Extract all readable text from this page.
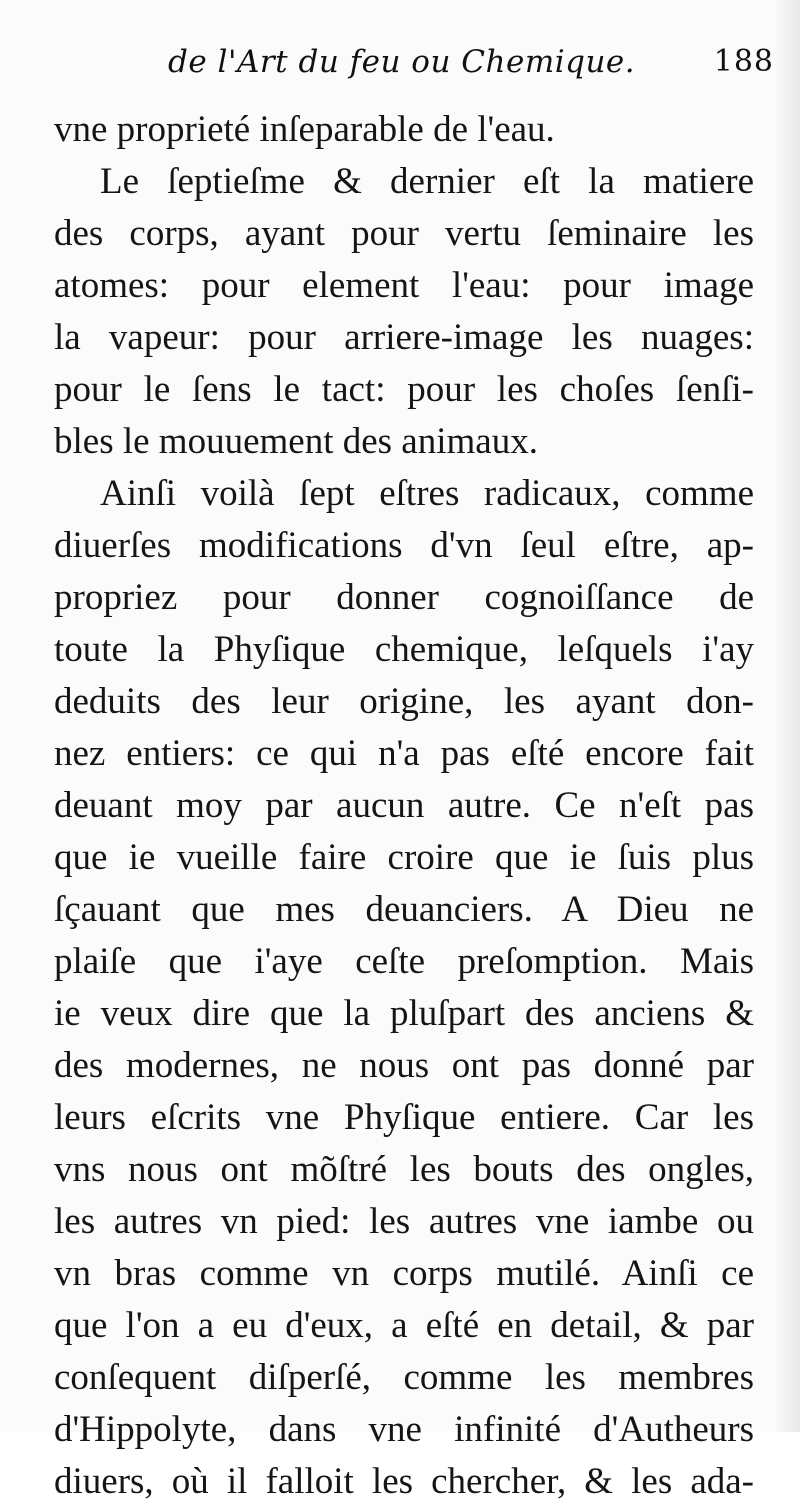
de l'Art du feu ou Chemique.	188
vne proprieté inſeparable de l'eau.
Le ſeptieſme & dernier eſt la matiere
des corps, ayant pour vertu ſeminaire les
atomes: pour element l'eau: pour image
la vapeur: pour arriere-image les nuages:
pour le ſens le tact: pour les choſes ſenſi-
bles le mouuement des animaux.
Ainſi voilà ſept eſtres radicaux, comme
diuerſes modifications d'vn ſeul eſtre, ap-
propriez pour donner cognoiſſance de
toute la Phyſique chemique, leſquels i'ay
deduits des leur origine, les ayant don-
nez entiers: ce qui n'a pas eſté encore fait
deuant moy par aucun autre. Ce n'eſt pas
que ie vueille faire croire que ie ſuis plus
ſçauant que mes deuanciers. A Dieu ne
plaiſe que i'aye ceſte preſomption. Mais
ie veux dire que la pluſpart des anciens &
des modernes, ne nous ont pas donné par
leurs eſcrits vne Phyſique entiere. Car les
vns nous ont mõſtré les bouts des ongles,
les autres vn pied: les autres vne iambe ou
vn bras comme vn corps mutilé. Ainſi ce
que l'on a eu d'eux, a eſté en detail, & par
conſequent diſperſé, comme les membres
d'Hippolyte, dans vne infinité d'Autheurs
diuers, où il falloit les chercher, & les ada-
